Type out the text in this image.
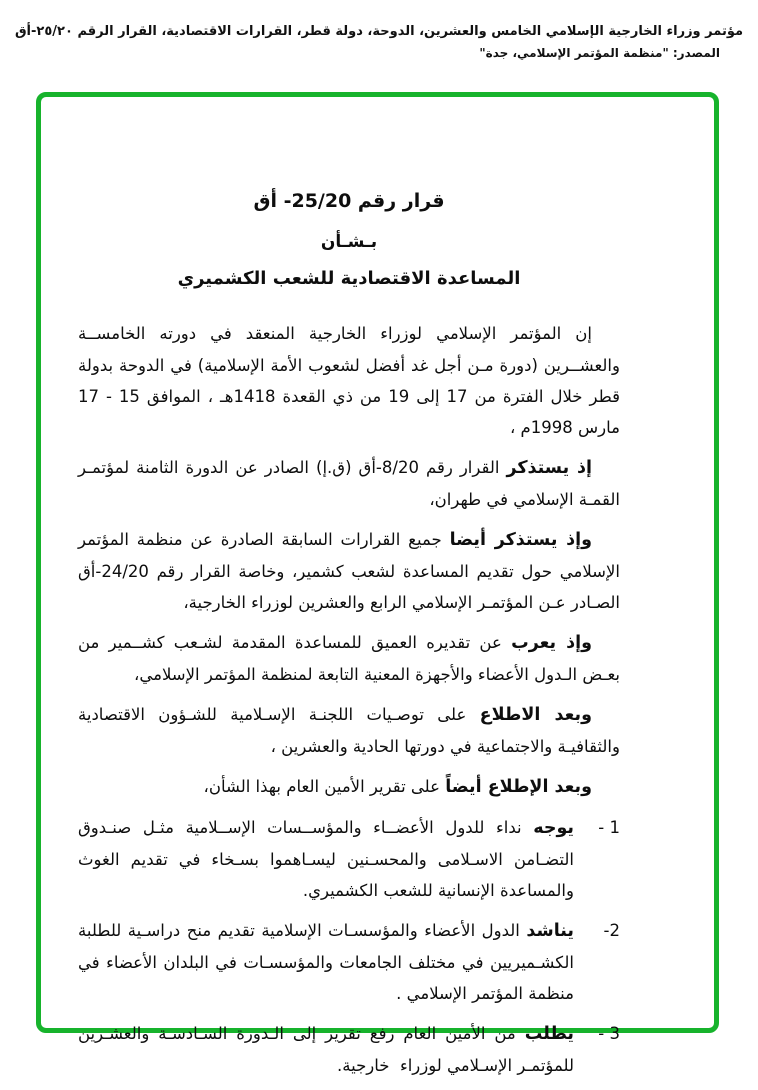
مؤتمر وزراء الخارجية الإسلامي الخامس والعشرين، الدوحة، دولة قطر، القرارات الاقتصادية، القرار الرقم ٢٥/٢٠-أق
المصدر: "منظمة المؤتمر الإسلامي، جدة"
قرار رقم 25/20- أق
بـشـأن
المساعدة الاقتصادية للشعب الكشميري

إن المؤتمر الإسلامي لوزراء الخارجية المنعقد في دورته الخامســة والعشــرين (دورة مـن أجل غد أفضل لشعوب الأمة الإسلامية) في الدوحة بدولة قطر خلال الفترة من 17 إلى 19 من ذي القعدة 1418هـ ، الموافق 15 - 17 مارس 1998م ،

إذ يستذكر القرار رقم 8/20-أق (ق.إ) الصادر عن الدورة الثامنة لمؤتمـر القمـة الإسلامي في طهران،

وإذ يستذكر أيضا جميع القرارات السابقة الصادرة عن منظمة المؤتمر الإسلامي حول تقديم المساعدة لشعب كشمير، وخاصة القرار رقم 24/20-أق الصـادر عـن المؤتمـر الإسلامي الرابع والعشرين لوزراء الخارجية،

وإذ يعرب عن تقديره العميق للمساعدة المقدمة لشـعب كشــمير من بعـض الـدول الأعضاء والأجهزة المعنية التابعة لمنظمة المؤتمر الإسلامي،

وبعد الاطلاع على توصـيات اللجنـة الإسـلامية للشـؤون الاقتصادية والثقافيـة والاجتماعية في دورتها الحادية والعشرين ،

وبعد الإطلاع أيضاً على تقرير الأمين العام بهذا الشأن،

1 -
يوجه نداء للدول الأعضــاء والمؤســسات الإســلامية مثـل صنـدوق التضـامن الاسـلامى والمحسـنين ليسـاهموا بسـخاء في تقديم الغوث والمساعدة الإنسانية للشعب الكشميري.
2-
يناشد الدول الأعضاء والمؤسسـات الإسلامية تقديم منح دراسـية للطلبة الكشـميريين في مختلف الجامعات والمؤسسـات في البلدان الأعضاء في منظمة المؤتمر الإسلامي .
3 -
يطلب من الأمين العام رفع تقرير إلى الـدورة السـادسـة والعشـرين للمؤتمـر الإسـلامي لوزراء  خارجية.
